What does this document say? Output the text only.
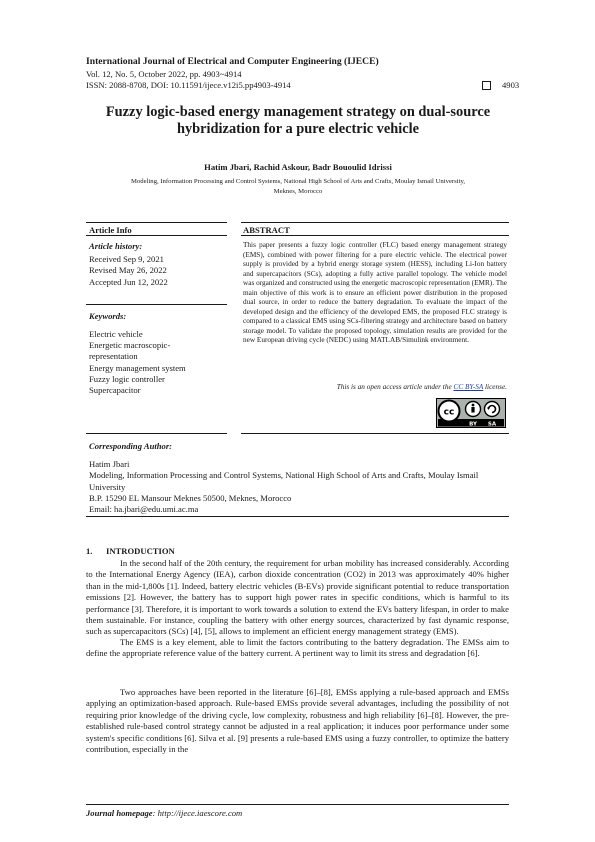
International Journal of Electrical and Computer Engineering (IJECE)
Vol. 12, No. 5, October 2022, pp. 4903~4914
ISSN: 2088-8708, DOI: 10.11591/ijece.v12i5.pp4903-4914	4903
Fuzzy logic-based energy management strategy on dual-source
hybridization for a pure electric vehicle
Hatim Jbari, Rachid Askour, Badr Bououlid Idrissi
Modeling, Information Processing and Control Systems, National High School of Arts and Crafts, Moulay Ismail University,
Meknes, Morocco
Article Info
Article history:
Received Sep 9, 2021
Revised May 26, 2022
Accepted Jun 12, 2022
Keywords:
Electric vehicle
Energetic macroscopic-
representation
Energy management system
Fuzzy logic controller
Supercapacitor
ABSTRACT
This paper presents a fuzzy logic controller (FLC) based energy management strategy (EMS), combined with power filtering for a pure electric vehicle. The electrical power supply is provided by a hybrid energy storage system (HESS), including Li-Ion battery and supercapacitors (SCs), adopting a fully active parallel topology. The vehicle model was organized and constructed using the energetic macroscopic representation (EMR). The main objective of this work is to ensure an efficient power distribution in the proposed dual source, in order to reduce the battery degradation. To evaluate the impact of the developed design and the efficiency of the developed EMS, the proposed FLC strategy is compared to a classical EMS using SCs-filtering strategy and architecture based on battery storage model. To validate the proposed topology, simulation results are provided for the new European driving cycle (NEDC) using MATLAB/Simulink environment.
This is an open access article under the CC BY-SA license.
cc
BY SA
Corresponding Author:
Hatim Jbari
Modeling, Information Processing and Control Systems, National High School of Arts and Crafts, Moulay Ismail University
B.P. 15290 EL Mansour Meknes 50500, Meknes, Morocco
Email: ha.jbari@edu.umi.ac.ma
1. INTRODUCTION
In the second half of the 20th century, the requirement for urban mobility has increased considerably. According to the International Energy Agency (IEA), carbon dioxide concentration (CO2) in 2013 was approximately 40% higher than in the mid-1,800s [1]. Indeed, battery electric vehicles (B-EVs) provide significant potential to reduce transportation emissions [2]. However, the battery has to support high power rates in specific conditions, which is harmful to its performance [3]. Therefore, it is important to work towards a solution to extend the EVs battery lifespan, in order to make them sustainable. For instance, coupling the battery with other energy sources, characterized by fast dynamic response, such as supercapacitors (SCs) [4], [5], allows to implement an efficient energy management strategy (EMS).
The EMS is a key element, able to limit the factors contributing to the battery degradation. The EMSs aim to define the appropriate reference value of the battery current. A pertinent way to limit its stress and degradation [6].
Two approaches have been reported in the literature [6]–[8], EMSs applying a rule-based approach and EMSs applying an optimization-based approach. Rule-based EMSs provide several advantages, including the possibility of not requiring prior knowledge of the driving cycle, low complexity, robustness and high reliability [6]–[8]. However, the pre-established rule-based control strategy cannot be adjusted in a real application; it induces poor performance under some system's specific conditions [6]. Silva et al. [9] presents a rule-based EMS using a fuzzy controller, to optimize the battery contribution, especially in the
Journal homepage: http://ijece.iaescore.com
